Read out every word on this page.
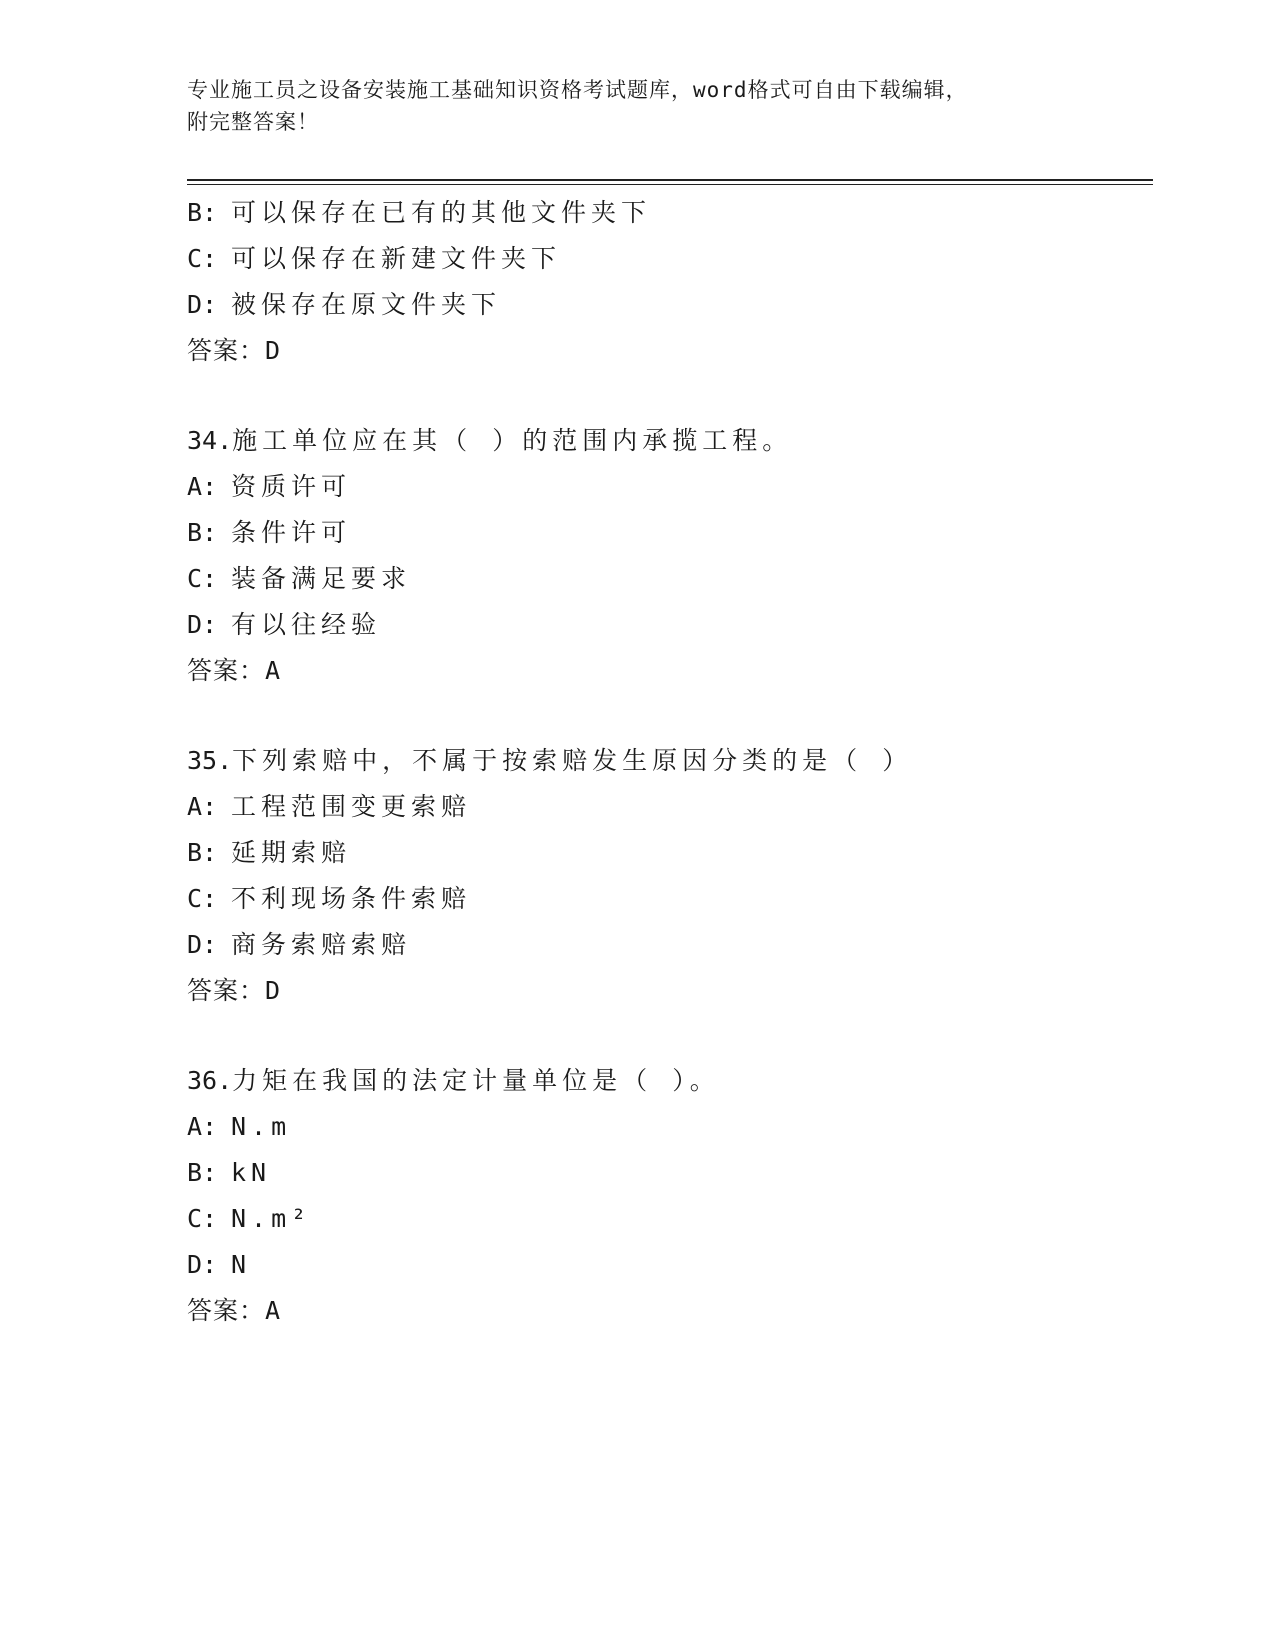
专业施工员之设备安装施工基础知识资格考试题库，word格式可自由下载编辑，

附完整答案！

B: 可以保存在已有的其他文件夹下
C: 可以保存在新建文件夹下
D: 被保存在原文件夹下
答案：D
34.施工单位应在其（ ）的范围内承揽工程。
A: 资质许可
B: 条件许可
C: 装备满足要求
D: 有以往经验
答案：A
35.下列索赔中，不属于按索赔发生原因分类的是（ ）
A: 工程范围变更索赔
B: 延期索赔
C: 不利现场条件索赔
D: 商务索赔索赔
答案：D
36.力矩在我国的法定计量单位是（ ）。
A: N.m
B: kN
C: N.m²
D: N
答案：A
